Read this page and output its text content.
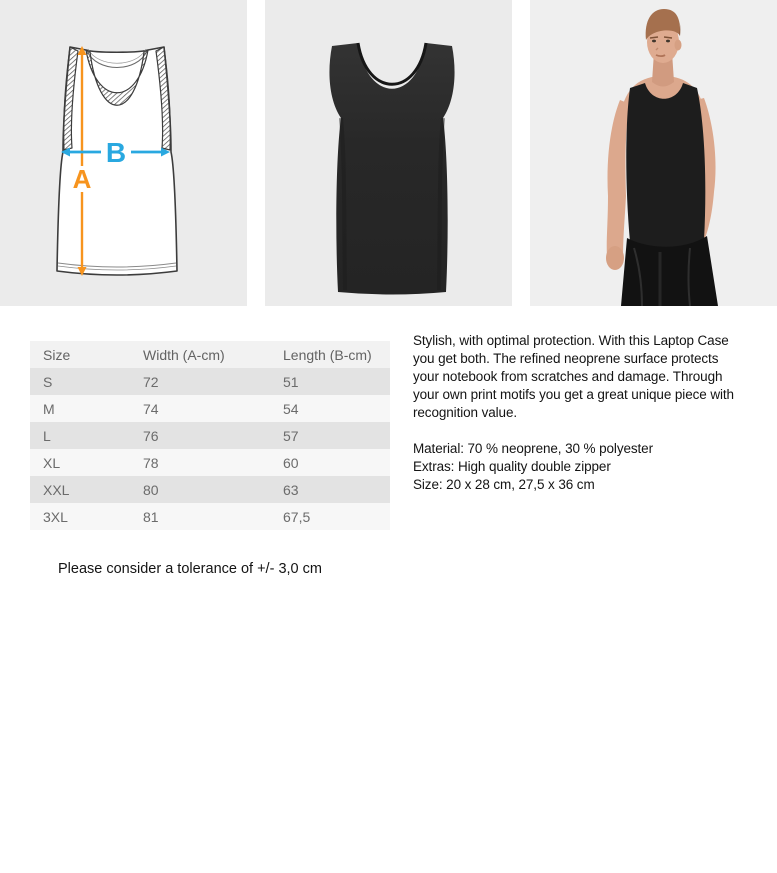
A
B
Size	Width (A-cm)	Length (B-cm)
S	72	51
M	74	54
L	76	57
XL	78	60
XXL	80	63
3XL	81	67,5
Stylish, with optimal protection. With this Laptop Case you get both. The refined neoprene surface protects your notebook from scratches and damage. Through your own print motifs you get a great unique piece with recognition value.
Material: 70 % neoprene, 30 % polyester
Extras: High quality double zipper
Size: 20 x 28 cm, 27,5 x 36 cm
Please consider a tolerance of +/- 3,0 cm
